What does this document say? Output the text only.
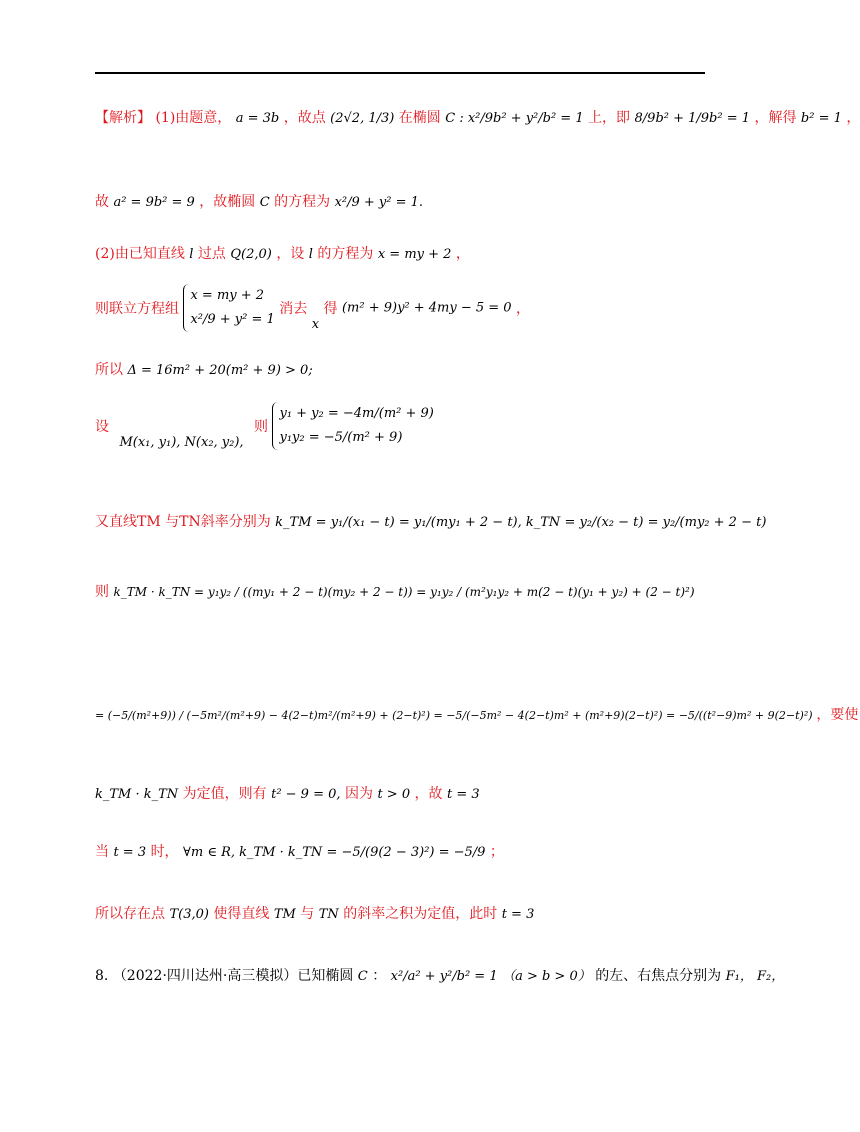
【解析】 (1)由题意， a = 3b ，故点 (2√2, 1/3) 在椭圆 C : x²/9b² + y²/b² = 1 上，即 8/9b² + 1/9b² = 1 ，解得 b² = 1 ，
故 a² = 9b² = 9 ，故椭圆 C 的方程为 x²/9 + y² = 1.
(2)由已知直线 l 过点 Q(2,0) ，设 l 的方程为 x = my + 2 ，
则联立方程组
x = my + 2
x²/9 + y² = 1
消去 x 得 (m² + 9)y² + 4my − 5 = 0 ，
所以 Δ = 16m² + 20(m² + 9) > 0;
设 M(x₁, y₁), N(x₂, y₂), 则
y₁ + y₂ = −4m/(m² + 9)
y₁y₂ = −5/(m² + 9)
又直线TM 与TN斜率分别为 k_TM = y₁/(x₁ − t) = y₁/(my₁ + 2 − t), k_TN = y₂/(x₂ − t) = y₂/(my₂ + 2 − t)
则 k_TM · k_TN = y₁y₂ / ((my₁ + 2 − t)(my₂ + 2 − t)) = y₁y₂ / (m²y₁y₂ + m(2 − t)(y₁ + y₂) + (2 − t)²)
= (−5/(m²+9)) / (−5m²/(m²+9) − 4(2−t)m²/(m²+9) + (2−t)²) = −5/(−5m² − 4(2−t)m² + (m²+9)(2−t)²) = −5/((t²−9)m² + 9(2−t)²) ，要使
k_TM · k_TN 为定值，则有 t² − 9 = 0, 因为 t > 0 ，故 t = 3
当 t = 3 时， ∀m ∈ R, k_TM · k_TN = −5/(9(2 − 3)²) = −5/9 ；
所以存在点 T(3,0) 使得直线 TM 与 TN 的斜率之积为定值，此时 t = 3
8. （2022·四川达州·高三模拟）已知椭圆 C ： x²/a² + y²/b² = 1 （a > b > 0） 的左、右焦点分别为 F₁， F₂，
